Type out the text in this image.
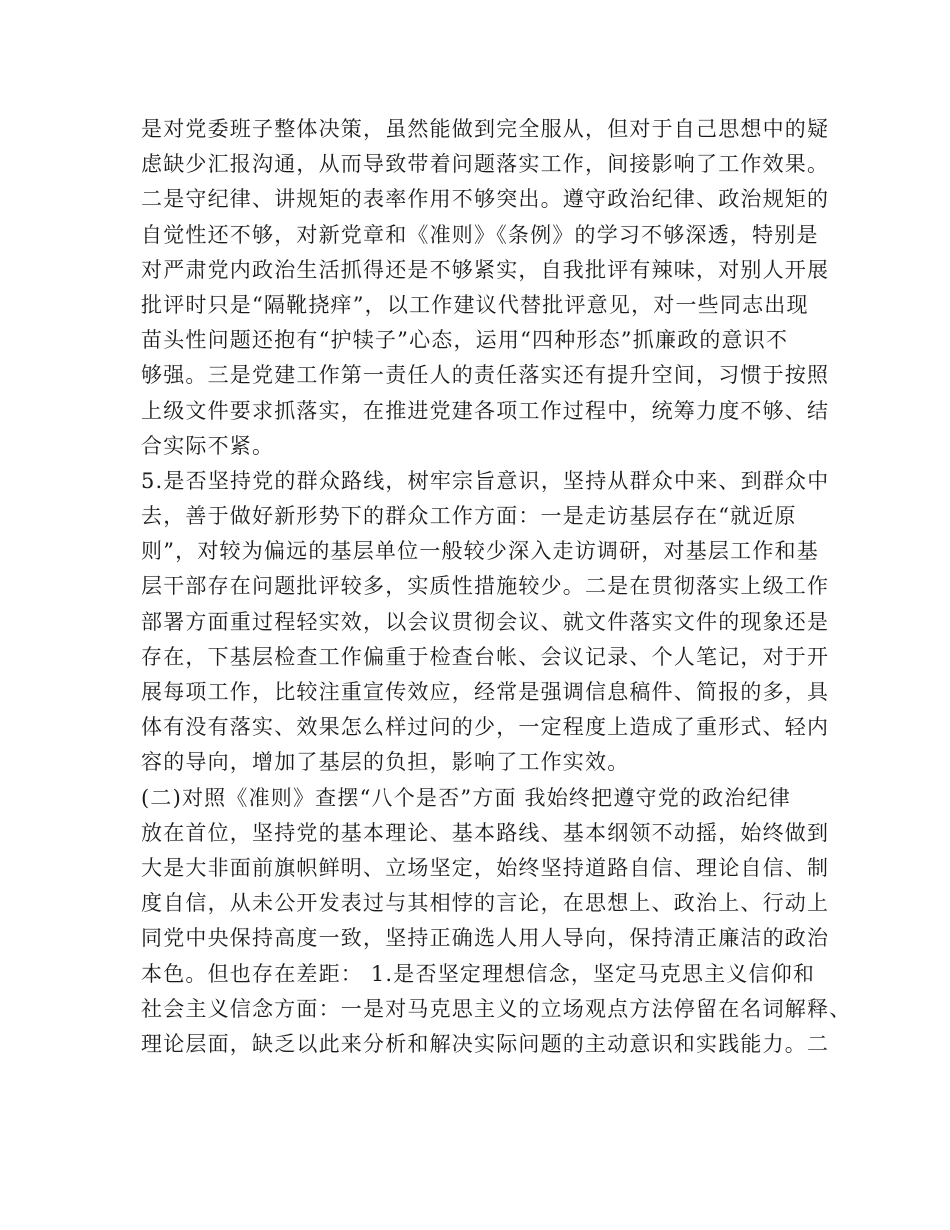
是对党委班子整体决策，虽然能做到完全服从，但对于自己思想中的疑
虑缺少汇报沟通，从而导致带着问题落实工作，间接影响了工作效果。
二是守纪律、讲规矩的表率作用不够突出。遵守政治纪律、政治规矩的
自觉性还不够，对新党章和《准则》《条例》的学习不够深透，特别是
对严肃党内政治生活抓得还是不够紧实，自我批评有辣味，对别人开展
批评时只是“隔靴挠痒”，以工作建议代替批评意见，对一些同志出现
苗头性问题还抱有“护犊子”心态，运用“四种形态”抓廉政的意识不
够强。三是党建工作第一责任人的责任落实还有提升空间，习惯于按照
上级文件要求抓落实，在推进党建各项工作过程中，统筹力度不够、结
合实际不紧。
5.是否坚持党的群众路线，树牢宗旨意识，坚持从群众中来、到群众中
去，善于做好新形势下的群众工作方面：一是走访基层存在“就近原
则”，对较为偏远的基层单位一般较少深入走访调研，对基层工作和基
层干部存在问题批评较多，实质性措施较少。二是在贯彻落实上级工作
部署方面重过程轻实效，以会议贯彻会议、就文件落实文件的现象还是
存在，下基层检查工作偏重于检查台帐、会议记录、个人笔记，对于开
展每项工作，比较注重宣传效应，经常是强调信息稿件、简报的多，具
体有没有落实、效果怎么样过问的少，一定程度上造成了重形式、轻内
容的导向，增加了基层的负担，影响了工作实效。
(二)对照《准则》查摆“八个是否”方面 我始终把遵守党的政治纪律
放在首位，坚持党的基本理论、基本路线、基本纲领不动摇，始终做到
大是大非面前旗帜鲜明、立场坚定，始终坚持道路自信、理论自信、制
度自信，从未公开发表过与其相悖的言论，在思想上、政治上、行动上
同党中央保持高度一致，坚持正确选人用人导向，保持清正廉洁的政治
本色。但也存在差距： 1.是否坚定理想信念，坚定马克思主义信仰和
社会主义信念方面：一是对马克思主义的立场观点方法停留在名词解释、
理论层面，缺乏以此来分析和解决实际问题的主动意识和实践能力。二
